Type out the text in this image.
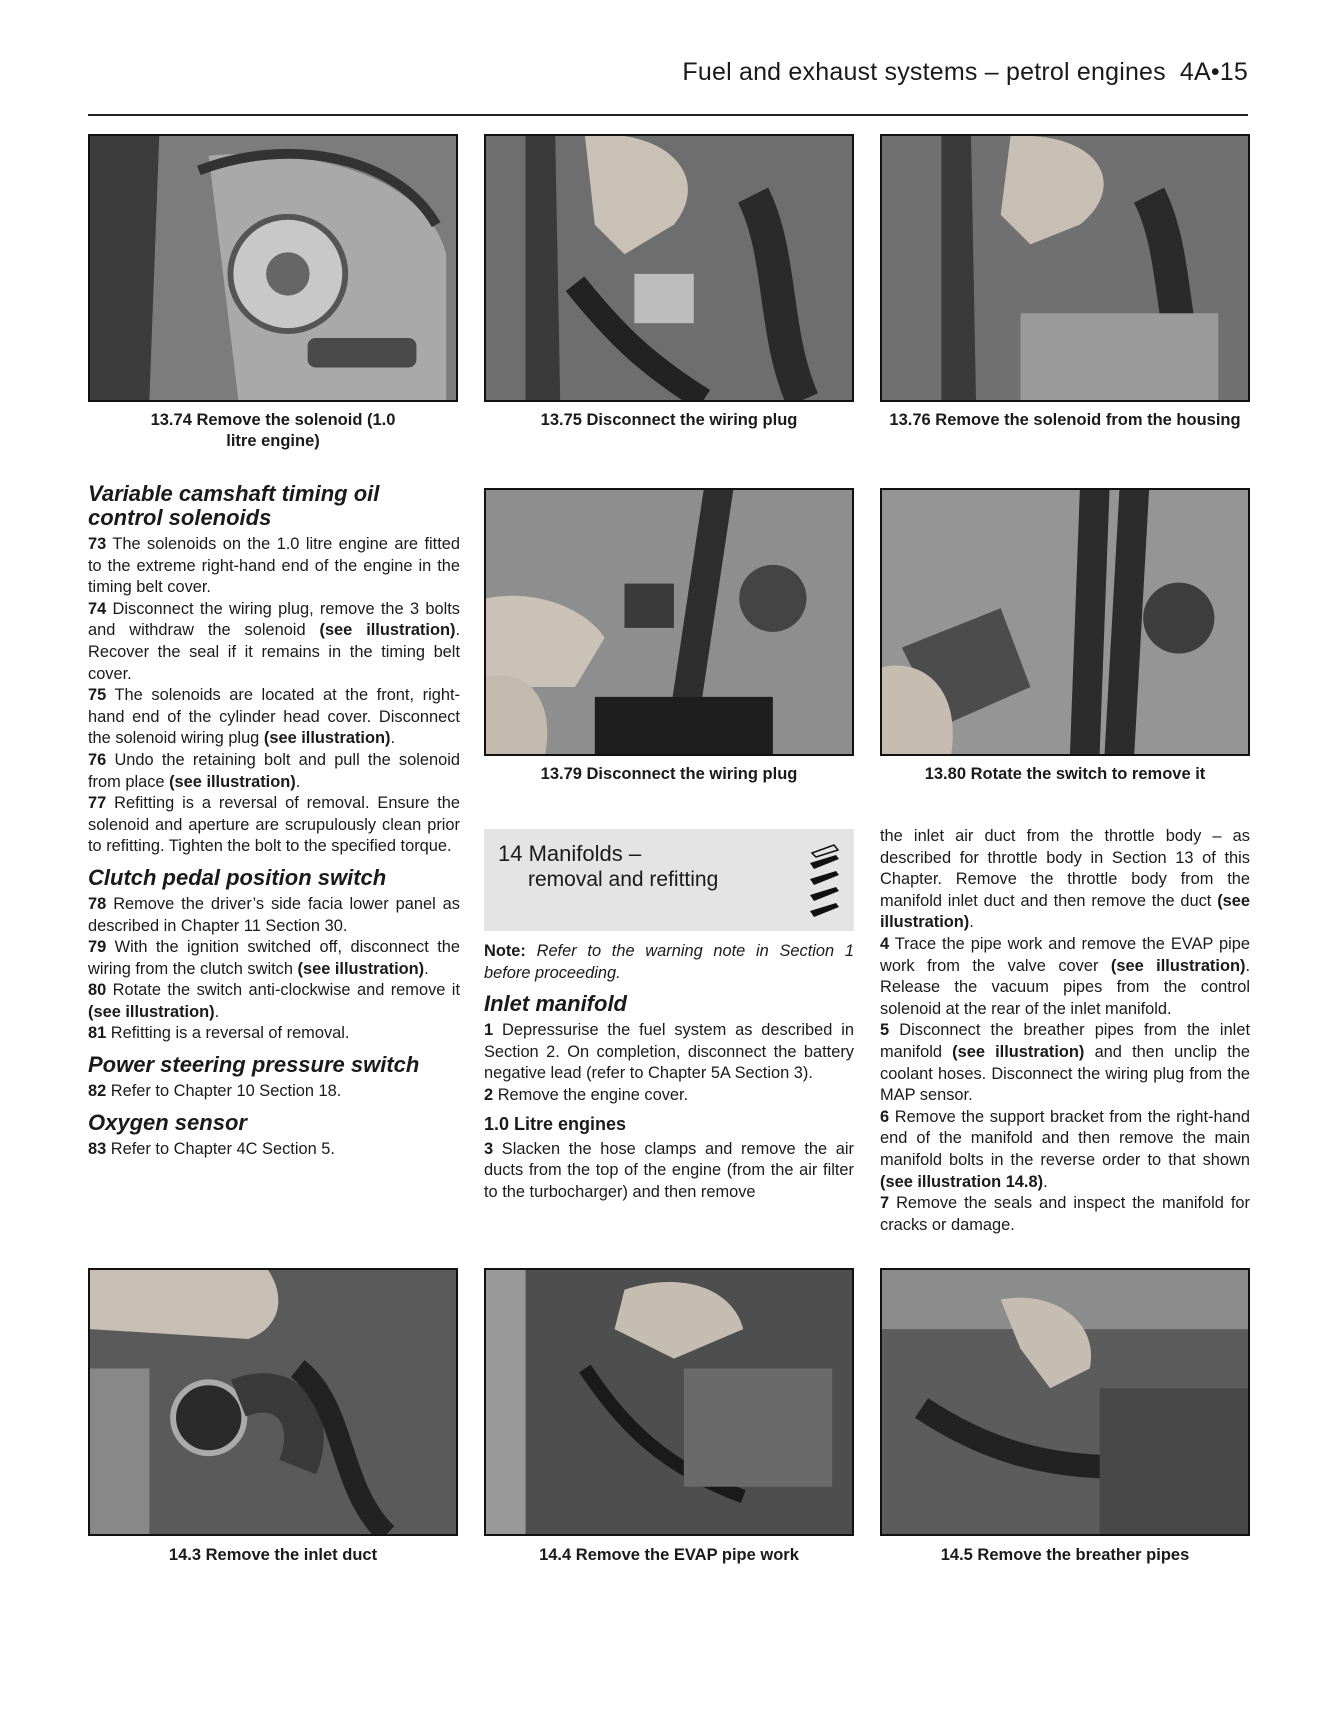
Fuel and exhaust systems – petrol engines 4A•15
13.74 Remove the solenoid (1.0 litre engine)
13.75 Disconnect the wiring plug	13.76 Remove the solenoid from the housing
Variable camshaft timing oil control solenoids

73 The solenoids on the 1.0 litre engine are fitted to the extreme right-hand end of the engine in the timing belt cover.

74 Disconnect the wiring plug, remove the 3 bolts and withdraw the solenoid (see illustration). Recover the seal if it remains in the timing belt cover.

75 The solenoids are located at the front, right-hand end of the cylinder head cover. Disconnect the solenoid wiring plug (see illustration).

76 Undo the retaining bolt and pull the solenoid from place (see illustration).

77 Refitting is a reversal of removal. Ensure the solenoid and aperture are scrupulously clean prior to refitting. Tighten the bolt to the specified torque.

Clutch pedal position switch

78 Remove the driver’s side facia lower panel as described in Chapter 11 Section 30.

79 With the ignition switched off, disconnect the wiring from the clutch switch (see illustration).

80 Rotate the switch anti-clockwise and remove it (see illustration).

81 Refitting is a reversal of removal.

Power steering pressure switch

82 Refer to Chapter 10 Section 18.

Oxygen sensor

83 Refer to Chapter 4C Section 5.

13.79 Disconnect the wiring plug	13.80 Rotate the switch to remove it
14 Manifolds –
removal and refitting

Note: Refer to the warning note in Section 1 before proceeding.

Inlet manifold

1 Depressurise the fuel system as described in Section 2. On completion, disconnect the battery negative lead (refer to Chapter 5A Section 3).

2 Remove the engine cover.

1.0 Litre engines

3 Slacken the hose clamps and remove the air ducts from the top of the engine (from the air filter to the turbocharger) and then remove

the inlet air duct from the throttle body – as described for throttle body in Section 13 of this Chapter. Remove the throttle body from the manifold inlet duct and then remove the duct (see illustration).

4 Trace the pipe work and remove the EVAP pipe work from the valve cover (see illustration). Release the vacuum pipes from the control solenoid at the rear of the inlet manifold.

5 Disconnect the breather pipes from the inlet manifold (see illustration) and then unclip the coolant hoses. Disconnect the wiring plug from the MAP sensor.

6 Remove the support bracket from the right-hand end of the manifold and then remove the main manifold bolts in the reverse order to that shown (see illustration 14.8).

7 Remove the seals and inspect the manifold for cracks or damage.

14.3 Remove the inlet duct	14.4 Remove the EVAP pipe work	14.5 Remove the breather pipes
